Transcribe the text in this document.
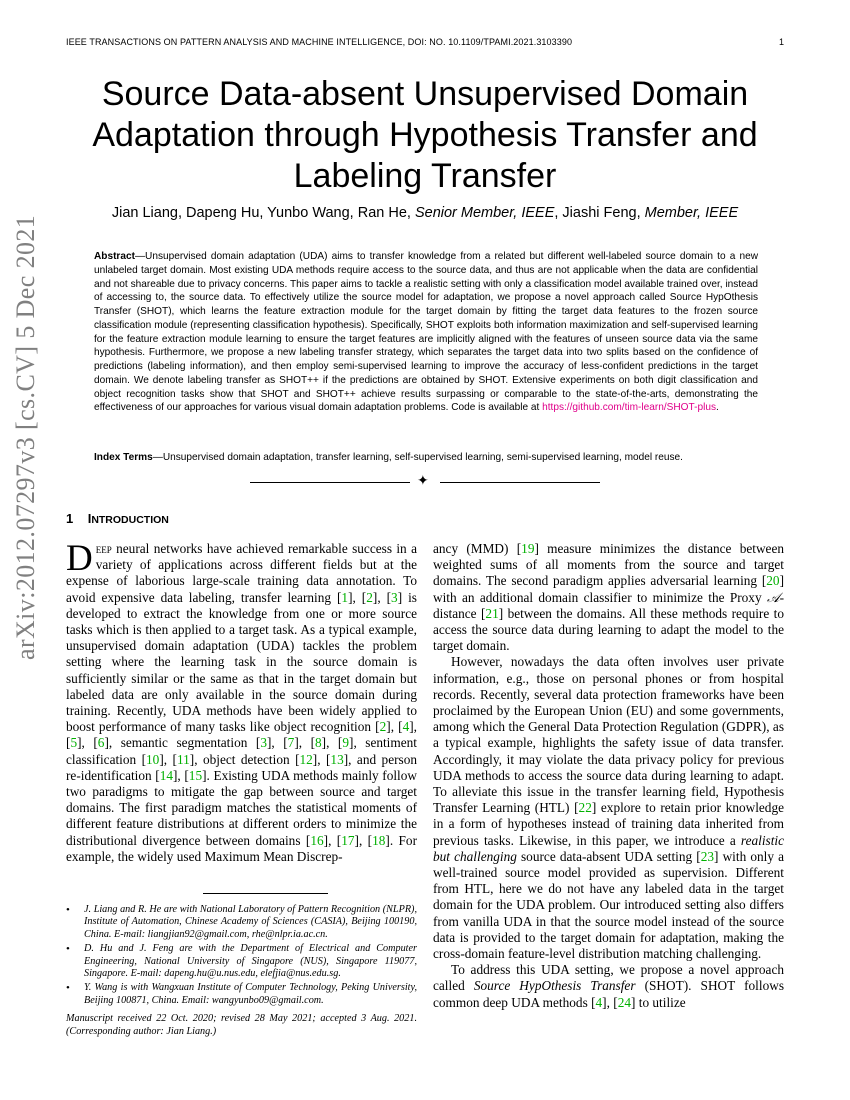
IEEE TRANSACTIONS ON PATTERN ANALYSIS AND MACHINE INTELLIGENCE, DOI: NO. 10.1109/TPAMI.2021.3103390	1
arXiv:2012.07297v3 [cs.CV] 5 Dec 2021
Source Data-absent Unsupervised Domain Adaptation through Hypothesis Transfer and Labeling Transfer
Jian Liang, Dapeng Hu, Yunbo Wang, Ran He, Senior Member, IEEE, Jiashi Feng, Member, IEEE
Abstract—Unsupervised domain adaptation (UDA) aims to transfer knowledge from a related but different well-labeled source domain to a new unlabeled target domain. Most existing UDA methods require access to the source data, and thus are not applicable when the data are confidential and not shareable due to privacy concerns. This paper aims to tackle a realistic setting with only a classification model available trained over, instead of accessing to, the source data. To effectively utilize the source model for adaptation, we propose a novel approach called Source HypOthesis Transfer (SHOT), which learns the feature extraction module for the target domain by fitting the target data features to the frozen source classification module (representing classification hypothesis). Specifically, SHOT exploits both information maximization and self-supervised learning for the feature extraction module learning to ensure the target features are implicitly aligned with the features of unseen source data via the same hypothesis. Furthermore, we propose a new labeling transfer strategy, which separates the target data into two splits based on the confidence of predictions (labeling information), and then employ semi-supervised learning to improve the accuracy of less-confident predictions in the target domain. We denote labeling transfer as SHOT++ if the predictions are obtained by SHOT. Extensive experiments on both digit classification and object recognition tasks show that SHOT and SHOT++ achieve results surpassing or comparable to the state-of-the-arts, demonstrating the effectiveness of our approaches for various visual domain adaptation problems. Code is available at https://github.com/tim-learn/SHOT-plus.
Index Terms—Unsupervised domain adaptation, transfer learning, self-supervised learning, semi-supervised learning, model reuse.
✦
1 INTRODUCTION

Deep neural networks have achieved remarkable success in a variety of applications across different fields but at the expense of laborious large-scale training data annotation. To avoid expensive data labeling, transfer learning [1], [2], [3] is developed to extract the knowledge from one or more source tasks which is then applied to a target task. As a typical example, unsupervised domain adaptation (UDA) tackles the problem setting where the learning task in the source domain is sufficiently similar or the same as that in the target domain but labeled data are only available in the source domain during training. Recently, UDA methods have been widely applied to boost performance of many tasks like object recognition [2], [4], [5], [6], semantic segmentation [3], [7], [8], [9], sentiment classification [10], [11], object detection [12], [13], and person re-identification [14], [15]. Existing UDA methods mainly follow two paradigms to mitigate the gap between source and target domains. The first paradigm matches the statistical moments of different feature distributions at different orders to minimize the distributional divergence between domains [16], [17], [18]. For example, the widely used Maximum Mean Discrep-

• J. Liang and R. He are with National Laboratory of Pattern Recognition (NLPR), Institute of Automation, Chinese Academy of Sciences (CASIA), Beijing 100190, China. E-mail: liangjian92@gmail.com, rhe@nlpr.ia.ac.cn.
• D. Hu and J. Feng are with the Department of Electrical and Computer Engineering, National University of Singapore (NUS), Singapore 119077, Singapore. E-mail: dapeng.hu@u.nus.edu, elefjia@nus.edu.sg.
• Y. Wang is with Wangxuan Institute of Computer Technology, Peking University, Beijing 100871, China. Email: wangyunbo09@gmail.com.
Manuscript received 22 Oct. 2020; revised 28 May 2021; accepted 3 Aug. 2021. (Corresponding author: Jian Liang.)

ancy (MMD) [19] measure minimizes the distance between weighted sums of all moments from the source and target domains. The second paradigm applies adversarial learning [20] with an additional domain classifier to minimize the Proxy 𝒜-distance [21] between the domains. All these methods require to access the source data during learning to adapt the model to the target domain.

However, nowadays the data often involves user private information, e.g., those on personal phones or from hospital records. Recently, several data protection frameworks have been proclaimed by the European Union (EU) and some governments, among which the General Data Protection Regulation (GDPR), as a typical example, highlights the safety issue of data transfer. Accordingly, it may violate the data privacy policy for previous UDA methods to access the source data during learning to adapt. To alleviate this issue in the transfer learning field, Hypothesis Transfer Learning (HTL) [22] explore to retain prior knowledge in a form of hypotheses instead of training data inherited from previous tasks. Likewise, in this paper, we introduce a realistic but challenging source data-absent UDA setting [23] with only a well-trained source model provided as supervision. Different from HTL, here we do not have any labeled data in the target domain for the UDA problem. Our introduced setting also differs from vanilla UDA in that the source model instead of the source data is provided to the target domain for adaptation, making the cross-domain feature-level distribution matching challenging.

To address this UDA setting, we propose a novel approach called Source HypOthesis Transfer (SHOT). SHOT follows common deep UDA methods [4], [24] to utilize
